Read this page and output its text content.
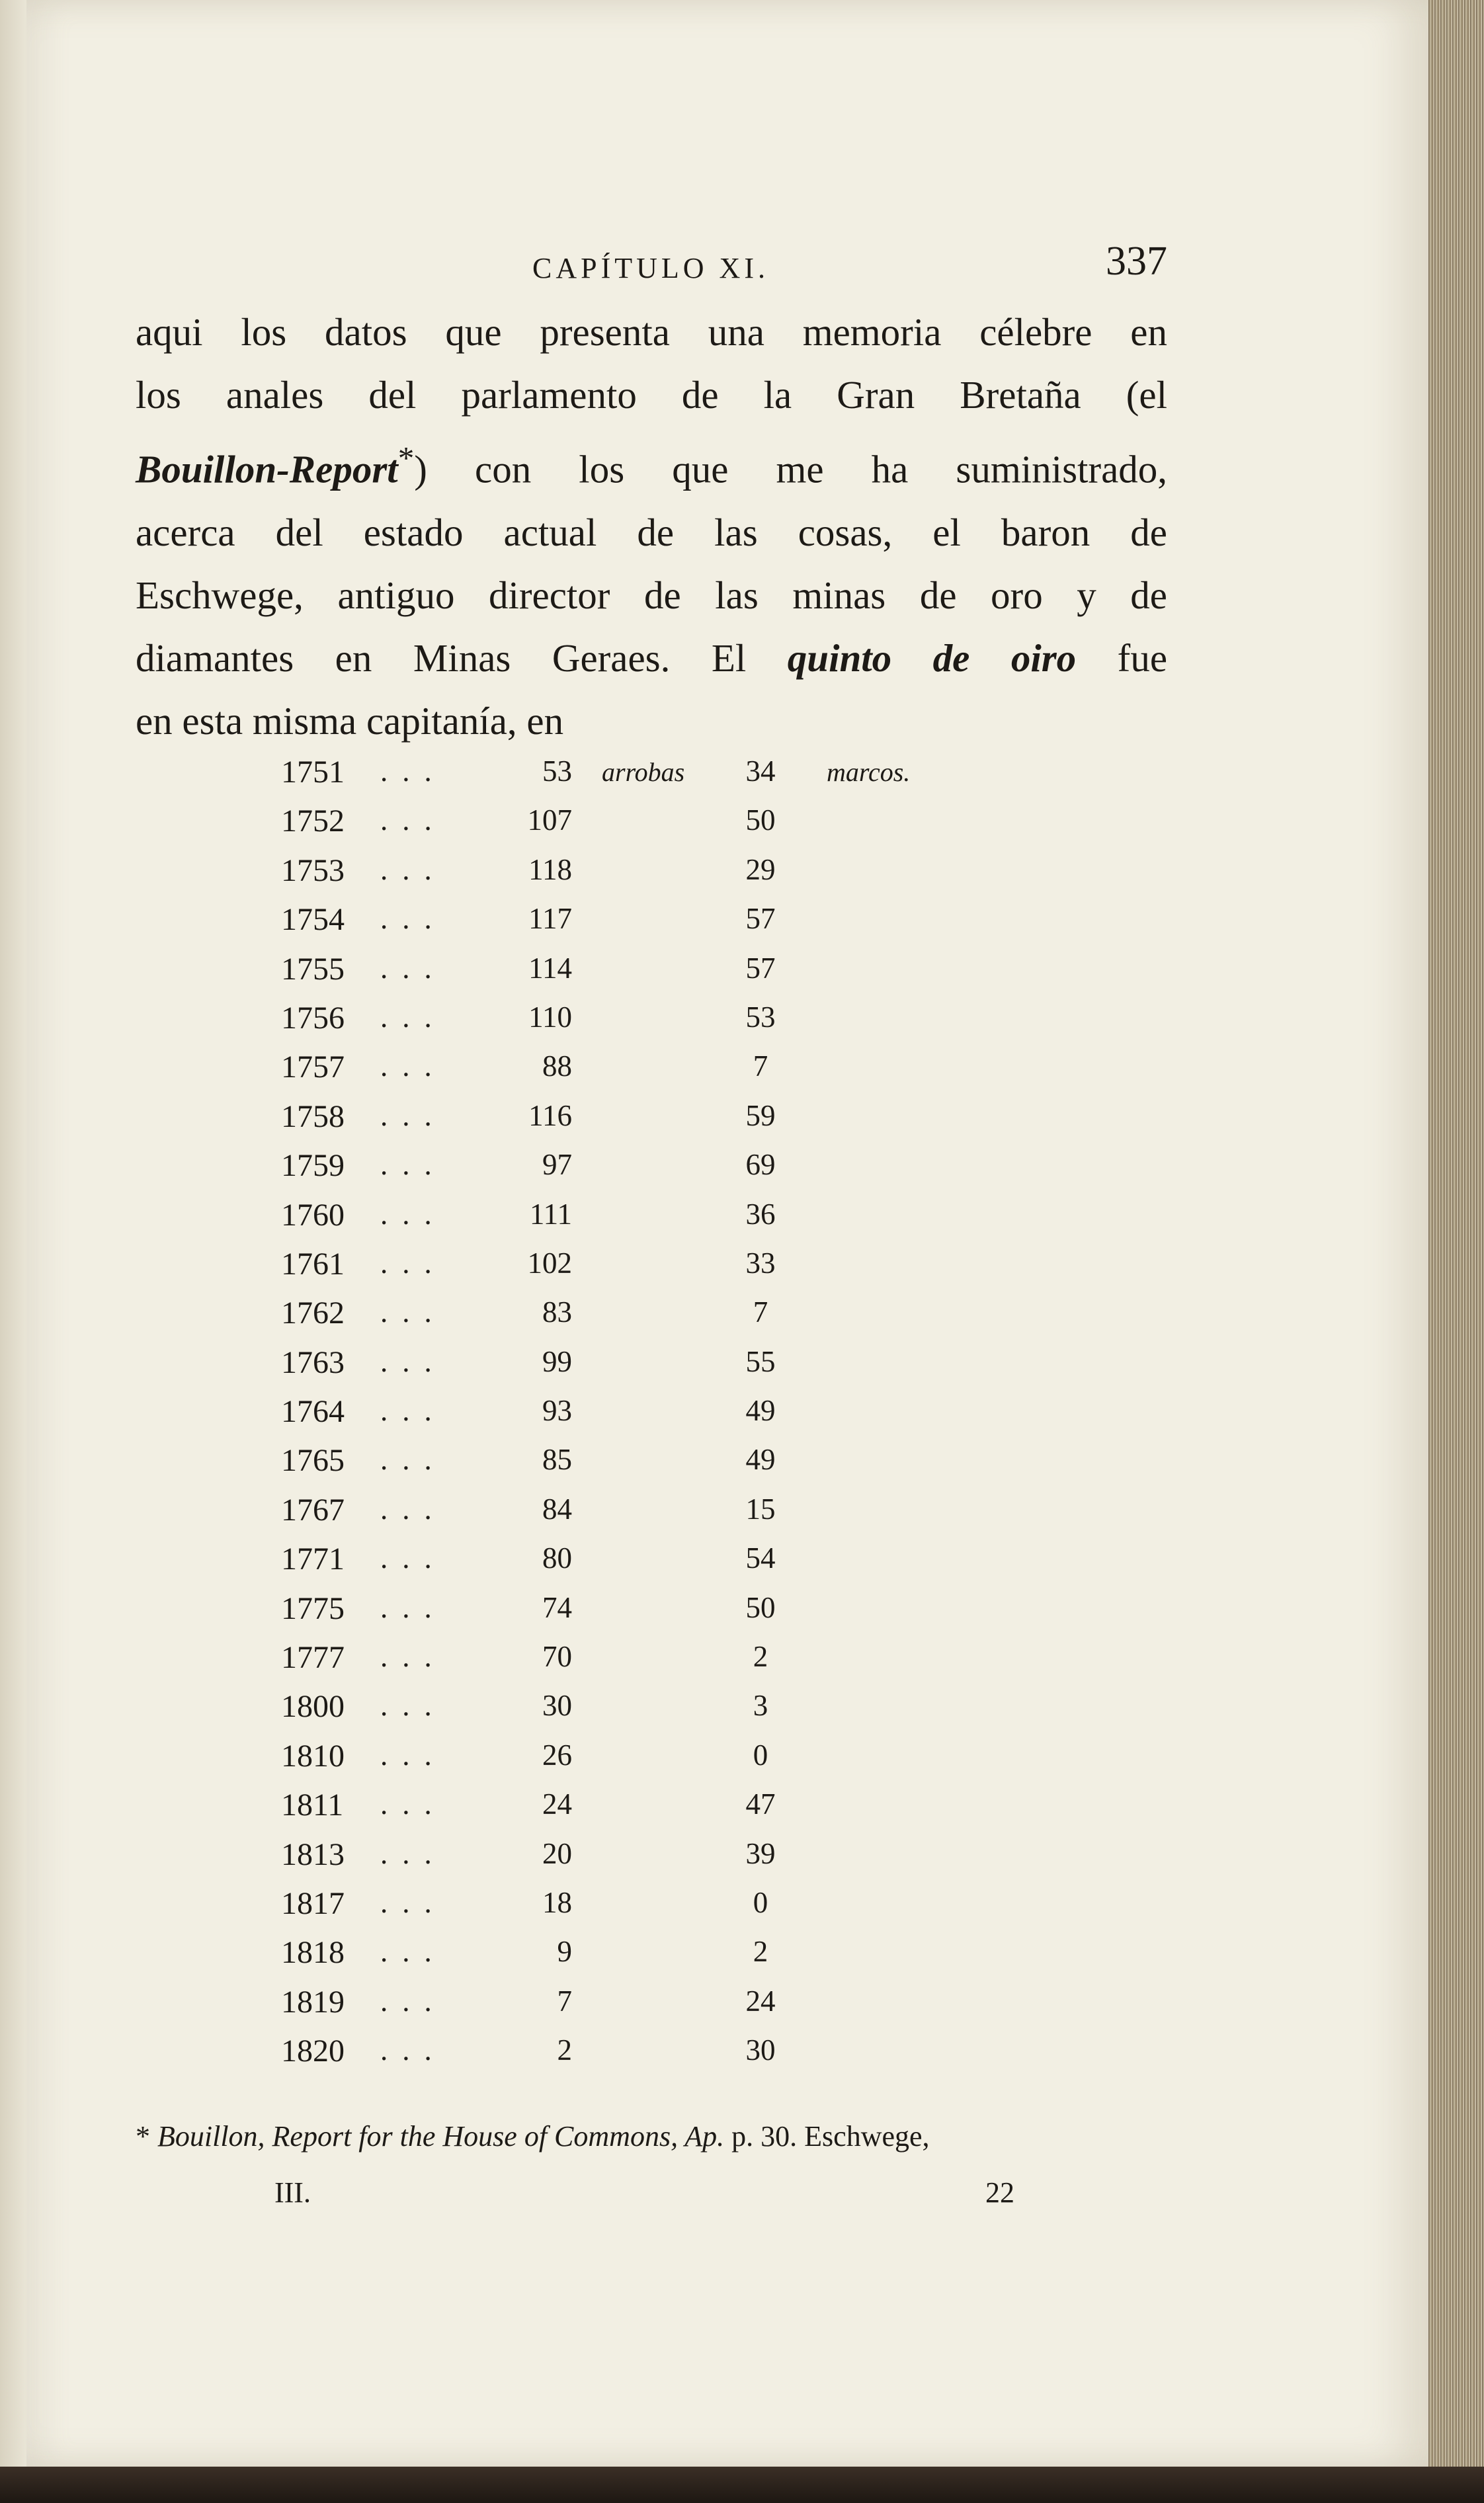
CAPÍTULO XI.	337
aqui los datos que presenta una memoria célebre en
los anales del parlamento de la Gran Bretaña (el
Bouillon-Report*) con los que me ha suministrado,
acerca del estado actual de las cosas, el baron de
Eschwege, antiguo director de las minas de oro y de
diamantes en Minas Geraes. El quinto de oiro fue
en esta misma capitanía, en
1751 ...	53 arrobas	34	marcos.
1752 ...	107	50
1753 ...	118	29
1754 ...	117	57
1755 ...	114	57
1756 ...	110	53
1757 ...	88	7
1758 ...	116	59
1759 ...	97	69
1760 ...	111	36
1761 ...	102	33
1762 ...	83	7
1763 ...	99	55
1764 ...	93	49
1765 ...	85	49
1767 ...	84	15
1771 ...	80	54
1775 ...	74	50
1777 ...	70	2
1800 ...	30	3
1810 ...	26	0
1811 ...	24	47
1813 ...	20	39
1817 ...	18	0
1818 ...	9	2
1819 ...	7	24
1820 ...	2	30
* Bouillon, Report for the House of Commons, Ap. p. 30. Eschwege,
III.	22
